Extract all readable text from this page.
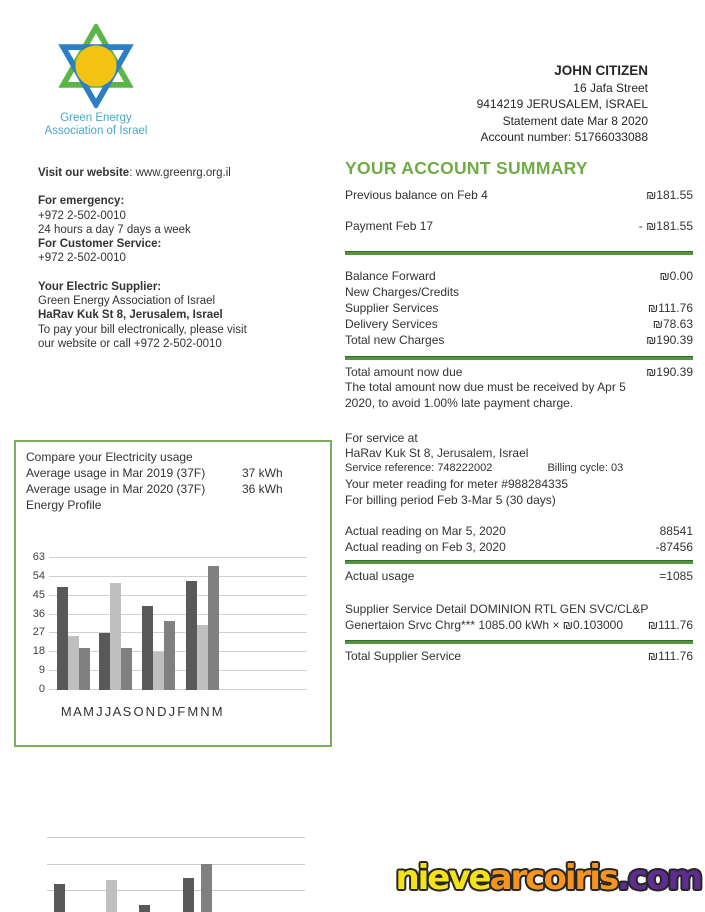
Green Energy
Association of Israel
JOHN CITIZEN
16 Jafa Street
9414219 JERUSALEM, ISRAEL
Statement date Mar 8 2020
Account number: 51766033088
Visit our website: www.greenrg.org.il
For emergency:
+972 2-502-0010
24 hours a day 7 days a week
For Customer Service:
+972 2-502-0010
Your Electric Supplier:
Green Energy Association of Israel
HaRav Kuk St 8, Jerusalem, Israel
To pay your bill electronically, please visit
our website or call +972 2-502-0010
YOUR ACCOUNT SUMMARY
Previous balance on Feb 4	₪181.55
Payment Feb 17	- ₪181.55
Balance Forward	₪0.00
New Charges/Credits
Supplier Services	₪111.76
Delivery Services	₪78.63
Total new Charges	₪190.39
Total amount now due	₪190.39
The total amount now due must be received by Apr 5
2020, to avoid 1.00% late payment charge.
For service at
HaRav Kuk St 8, Jerusalem, Israel
Service reference: 748222002	Billing cycle: 03
Your meter reading for meter #988284335
For billing period Feb 3-Mar 5 (30 days)
Actual reading on Mar 5, 2020	88541
Actual reading on Feb 3, 2020	-87456
Actual usage	=1085
Supplier Service Detail DOMINION RTL GEN SVC/CL&P
Genertaion Srvc Chrg*** 1085.00 kWh × ₪0.103000 ₪111.76
Total Supplier Service	₪111.76
Compare your Electricity usage
Average usage in Mar 2019 (37F)	37 kWh
Average usage in Mar 2020 (37F)	36 kWh
Energy Profile
M A M J J A S O N D J F M N M
0
9
18
27
36
45
54
63
nievearcoiris.com
